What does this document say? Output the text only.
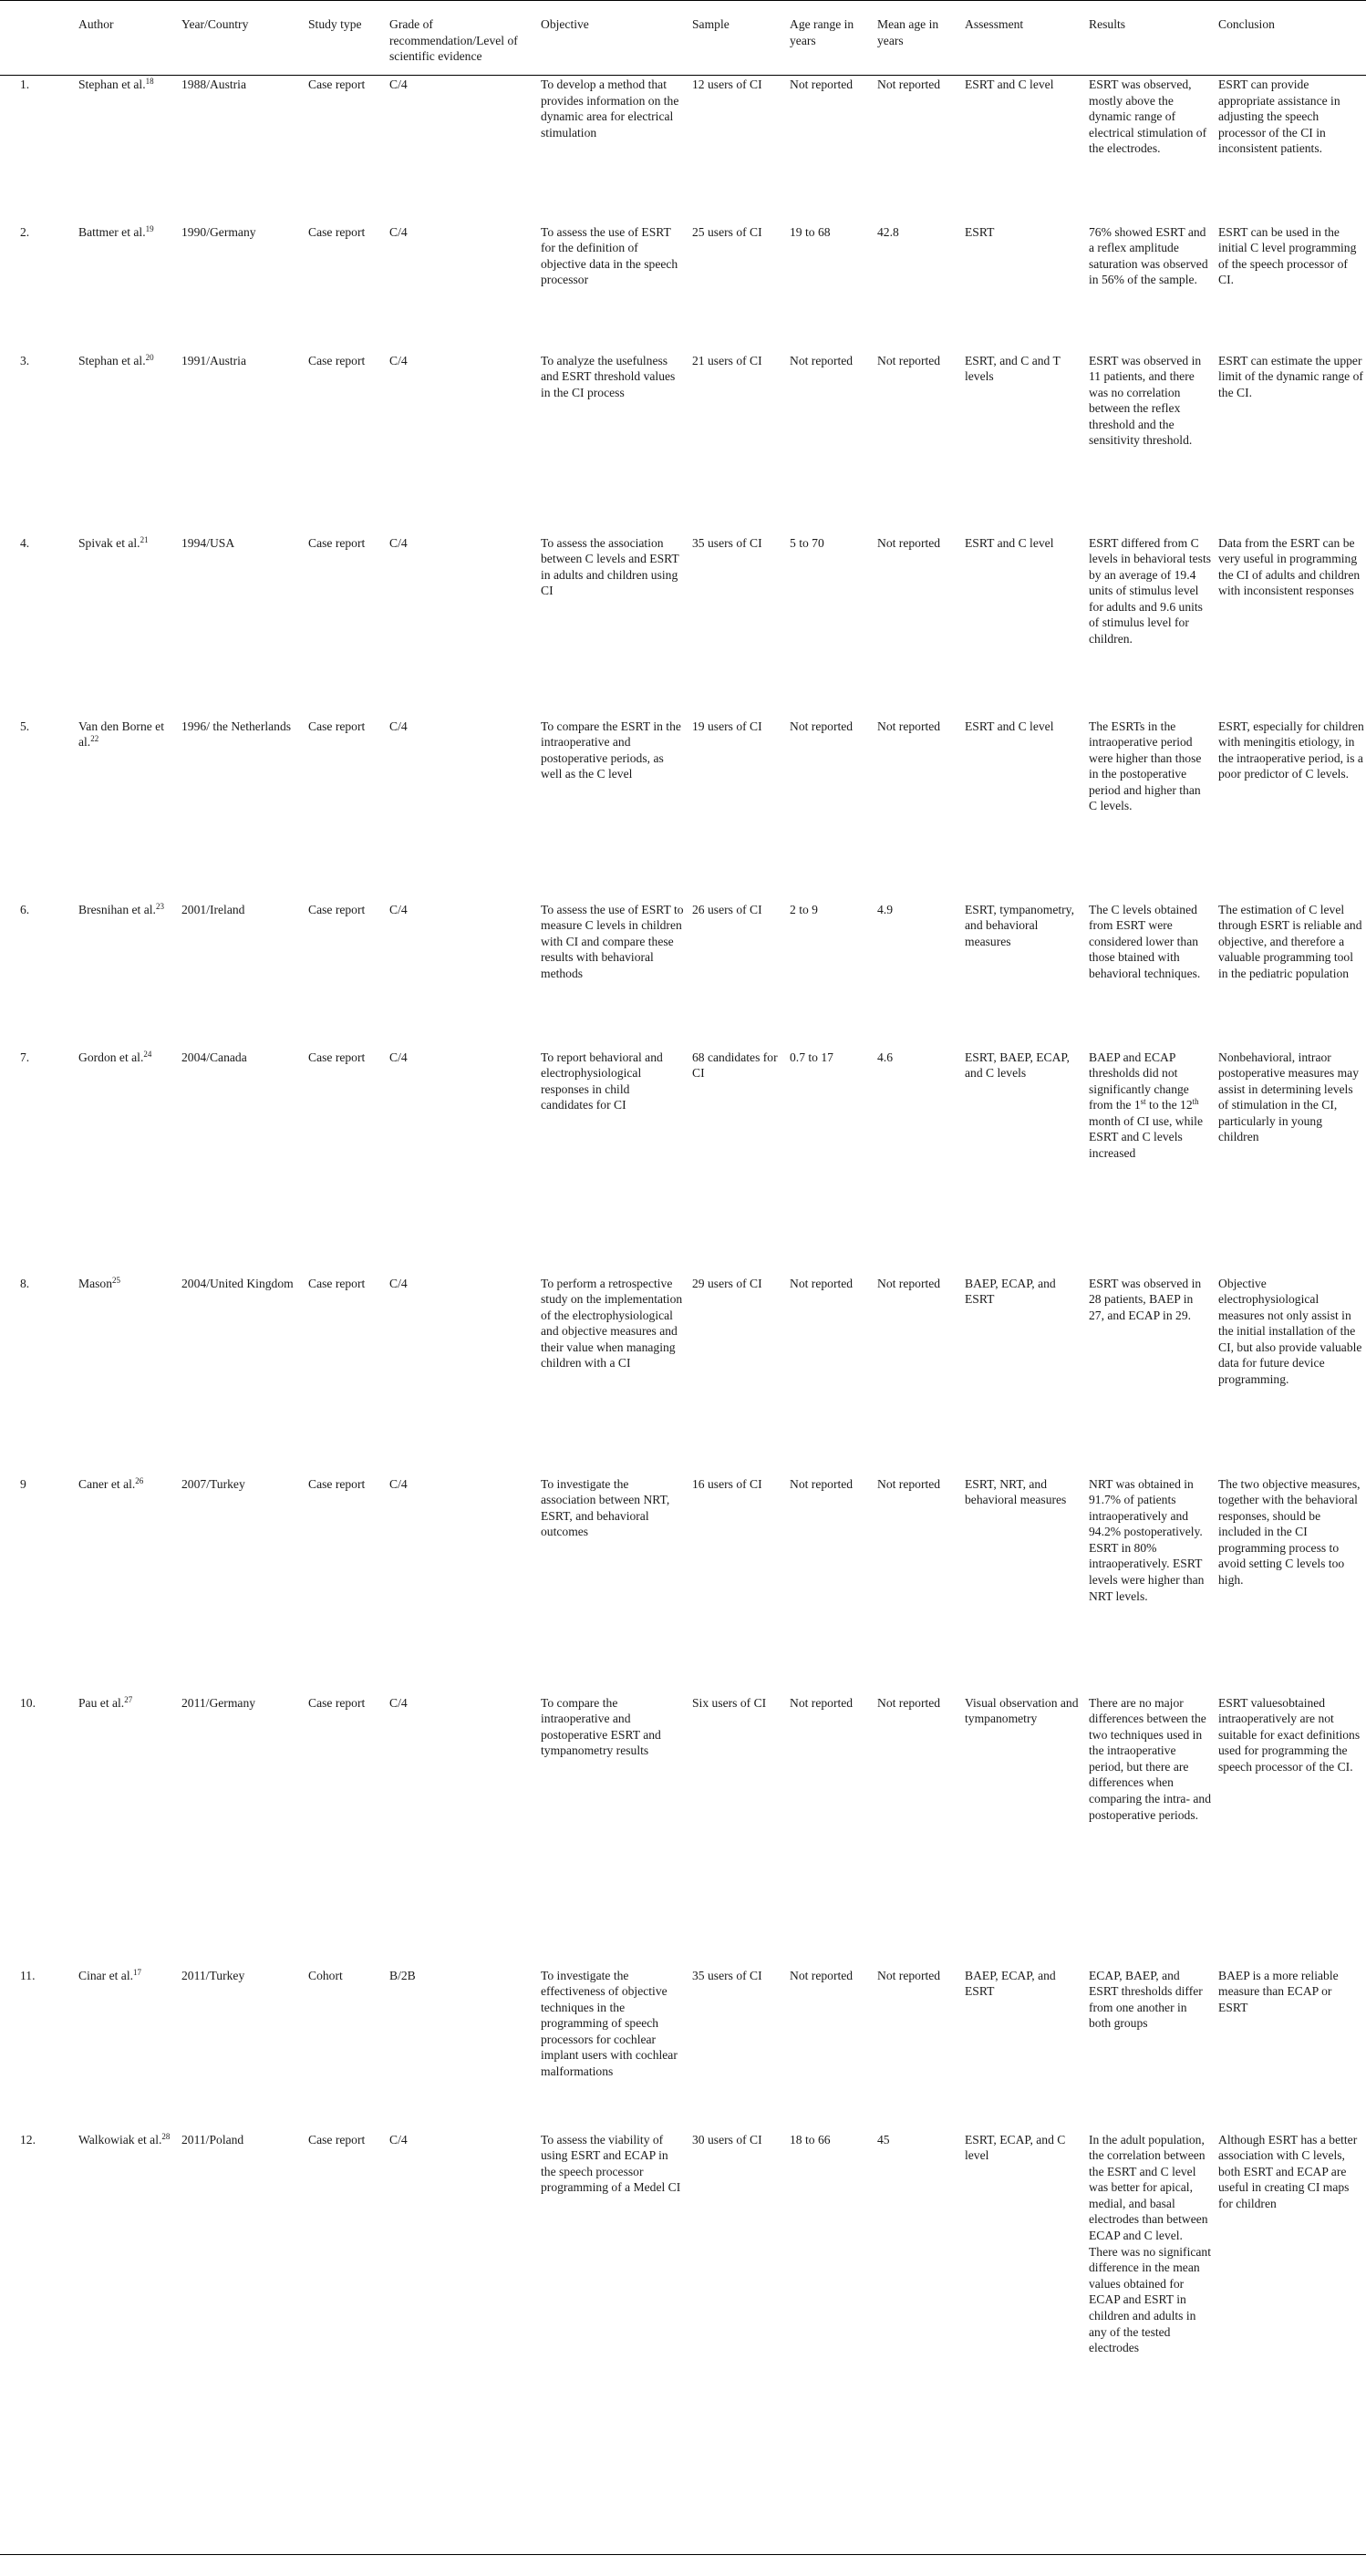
	Author	Year/Country	Study type	Grade of recommendation/Level of scientific evidence	Objective	Sample	Age range in years	Mean age in years	Assessment	Results	Conclusion
1.	Stephan et al.$^{18}$	1988/Austria	Case report	C/4	To develop a method that provides information on the dynamic area for electrical stimulation	12 users of CI	Not reported	Not reported	ESRT and C level	ESRT was observed, mostly above the dynamic range of electrical stimulation of the electrodes.	ESRT can provide appropriate assistance in adjusting the speech processor of the CI in inconsistent patients.
2.	Battmer et al.$^{19}$	1990/Germany	Case report	C/4	To assess the use of ESRT for the definition of objective data in the speech processor	25 users of CI	19 to 68	42.8	ESRT	76% showed ESRT and a reflex amplitude saturation was observed in 56% of the sample.	ESRT can be used in the initial C level programming of the speech processor of CI.
3.	Stephan et al.$^{20}$	1991/Austria	Case report	C/4	To analyze the usefulness and ESRT threshold values in the CI process	21 users of CI	Not reported	Not reported	ESRT, and C and T levels	ESRT was observed in 11 patients, and there was no correlation between the reflex threshold and the sensitivity threshold.	ESRT can estimate the upper limit of the dynamic range of the CI.
4.	Spivak et al.$^{21}$	1994/USA	Case report	C/4	To assess the association between C levels and ESRT in adults and children using CI	35 users of CI	5 to 70	Not reported	ESRT and C level	ESRT differed from C levels in behavioral tests by an average of 19.4 units of stimulus level for adults and 9.6 units of stimulus level for children.	Data from the ESRT can be very useful in programming the CI of adults and children with inconsistent responses
5.	Van den Borne et al.$^{22}$	1996/ the Netherlands	Case report	C/4	To compare the ESRT in the intraoperative and postoperative periods, as well as the C level	19 users of CI	Not reported	Not reported	ESRT and C level	The ESRTs in the intraoperative period were higher than those in the postoperative period and higher than C levels.	ESRT, especially for children with meningitis etiology, in the intraoperative period, is a poor predictor of C levels.
6.	Bresnihan et al.$^{23}$	2001/Ireland	Case report	C/4	To assess the use of ESRT to measure C levels in children with CI and compare these results with behavioral methods	26 users of CI	2 to 9	4.9	ESRT, tympanometry, and behavioral measures	The C levels obtained from ESRT were considered lower than those btained with behavioral techniques.	The estimation of C level through ESRT is reliable and objective, and therefore a valuable programming tool in the pediatric population
7.	Gordon et al.$^{24}$	2004/Canada	Case report	C/4	To report behavioral and electrophysiological responses in child candidates for CI	68 candidates for CI	0.7 to 17	4.6	ESRT, BAEP, ECAP, and C levels	BAEP and ECAP thresholds did not significantly change from the 1st to the 12th month of CI use, while ESRT and C levels increased	Nonbehavioral, intraor postoperative measures may assist in determining levels of stimulation in the CI, particularly in young children
8.	Mason$^{25}$	2004/United Kingdom	Case report	C/4	To perform a retrospective study on the implementation of the electrophysiological and objective measures and their value when managing children with a CI	29 users of CI	Not reported	Not reported	BAEP, ECAP, and ESRT	ESRT was observed in 28 patients, BAEP in 27, and ECAP in 29.	Objective electrophysiological measures not only assist in the initial installation of the CI, but also provide valuable data for future device programming.
9	Caner et al.$^{26}$	2007/Turkey	Case report	C/4	To investigate the association between NRT, ESRT, and behavioral outcomes	16 users of CI	Not reported	Not reported	ESRT, NRT, and behavioral measures	NRT was obtained in 91.7% of patients intraoperatively and 94.2% postoperatively. ESRT in 80% intraoperatively. ESRT levels were higher than NRT levels.	The two objective measures, together with the behavioral responses, should be included in the CI programming process to avoid setting C levels too high.
10.	Pau et al.$^{27}$	2011/Germany	Case report	C/4	To compare the intraoperative and postoperative ESRT and tympanometry results	Six users of CI	Not reported	Not reported	Visual observation and tympanometry	There are no major differences between the two techniques used in the intraoperative period, but there are differences when comparing the intra- and postoperative periods.	ESRT valuesobtained intraoperatively are not suitable for exact definitions used for programming the speech processor of the CI.
11.	Cinar et al.$^{17}$	2011/Turkey	Cohort	B/2B	To investigate the effectiveness of objective techniques in the programming of speech processors for cochlear implant users with cochlear malformations	35 users of CI	Not reported	Not reported	BAEP, ECAP, and ESRT	ECAP, BAEP, and ESRT thresholds differ from one another in both groups	BAEP is a more reliable measure than ECAP or ESRT
12.	Walkowiak et al.$^{28}$	2011/Poland	Case report	C/4	To assess the viability of using ESRT and ECAP in the speech processor programming of a Medel CI	30 users of CI	18 to 66	45	ESRT, ECAP, and C level	In the adult population, the correlation between the ESRT and C level was better for apical, medial, and basal electrodes than between ECAP and C level. There was no significant difference in the mean values obtained for ECAP and ESRT in children and adults in any of the tested electrodes	Although ESRT has a better association with C levels, both ESRT and ECAP are useful in creating CI maps for children
